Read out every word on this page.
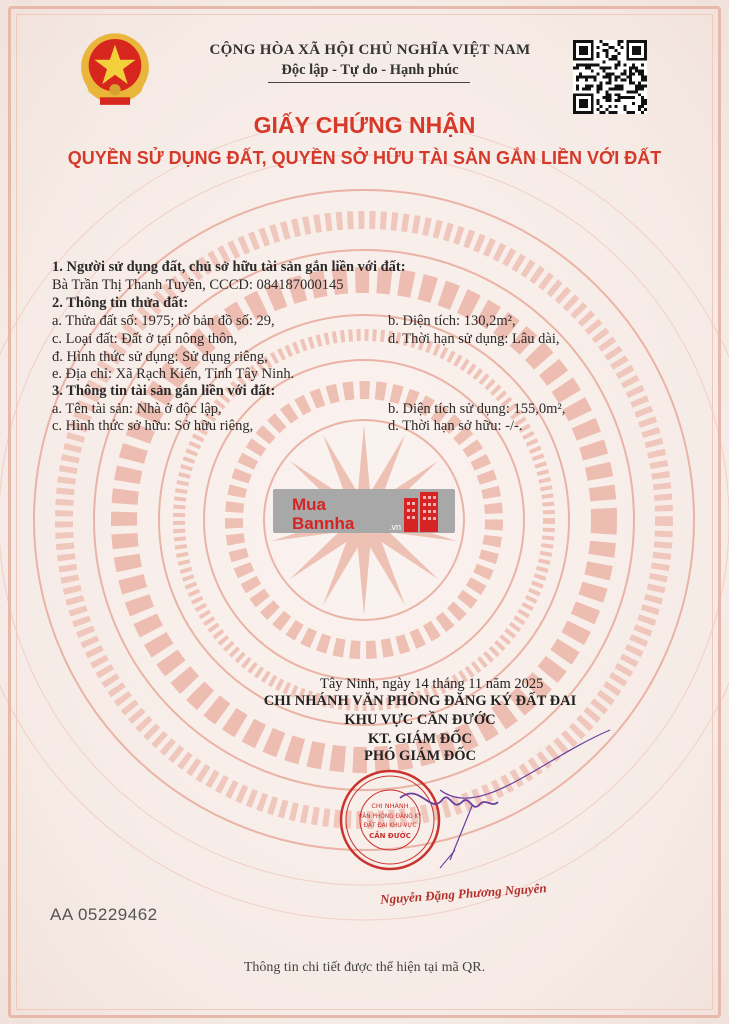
CỘNG HÒA XÃ HỘI CHỦ NGHĨA VIỆT NAM
Độc lập - Tự do - Hạnh phúc
GIẤY CHỨNG NHẬN
QUYỀN SỬ DỤNG ĐẤT, QUYỀN SỞ HỮU TÀI SẢN GẮN LIỀN VỚI ĐẤT
1. Người sử dụng đất, chủ sở hữu tài sản gắn liền với đất:
Bà Trần Thị Thanh Tuyền, CCCD: 084187000145
2. Thông tin thửa đất:
a. Thửa đất số: 1975; tờ bản đồ số: 29,	b. Diện tích: 130,2m²,
c. Loại đất: Đất ở tại nông thôn,	d. Thời hạn sử dụng: Lâu dài,
đ. Hình thức sử dụng: Sử dụng riêng,
e. Địa chỉ: Xã Rạch Kiến, Tỉnh Tây Ninh.
3. Thông tin tài sản gắn liền với đất:
a. Tên tài sản: Nhà ở độc lập,	b. Diện tích sử dụng: 155,0m²,
c. Hình thức sở hữu: Sở hữu riêng,	d. Thời hạn sở hữu: -/-.
Mua
Bannha	.vn
Tây Ninh, ngày 14 tháng 11 năm 2025
CHI NHÁNH VĂN PHÒNG ĐĂNG KÝ ĐẤT ĐAI
KHU VỰC CẦN ĐƯỚC
KT. GIÁM ĐỐC
PHÓ GIÁM ĐỐC
CHI NHÁNH
VĂN PHÒNG ĐĂNG KÝ
ĐẤT ĐAI KHU VỰC
CẦN ĐƯỚC
Nguyễn Đặng Phương Nguyên
AA 05229462
Thông tin chi tiết được thể hiện tại mã QR.
